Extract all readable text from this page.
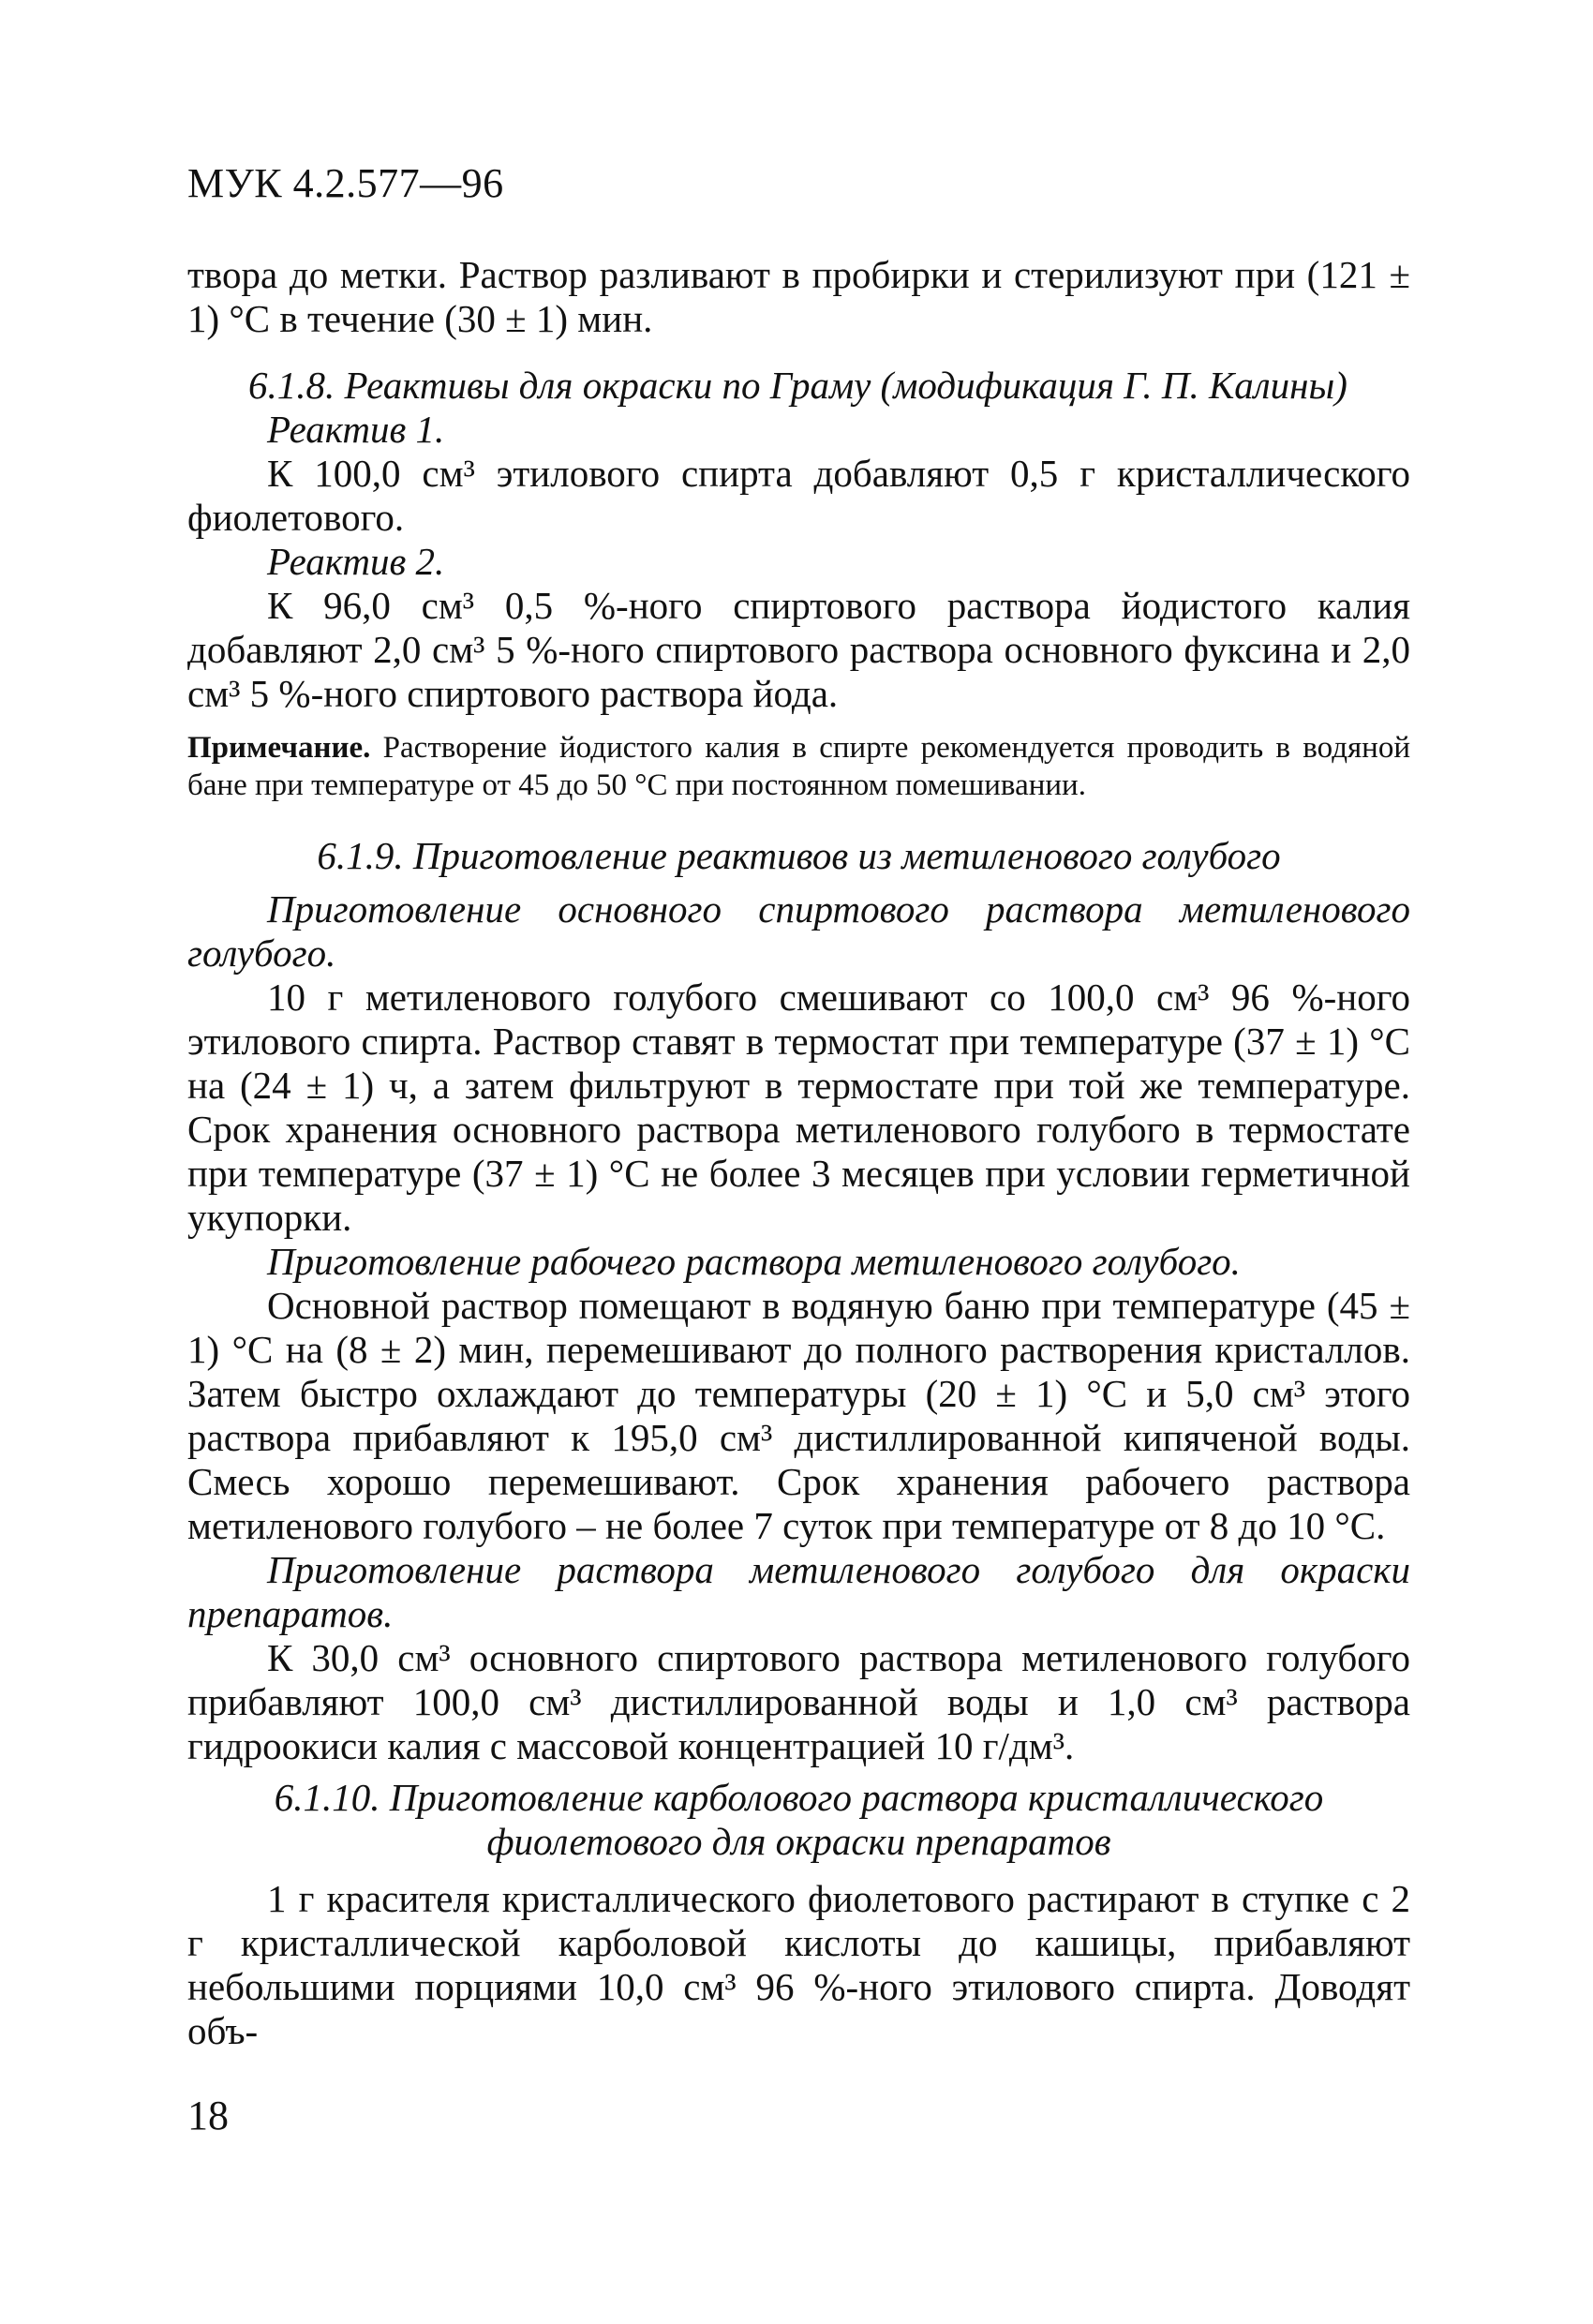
МУК 4.2.577—96

твора до метки. Раствор разливают в пробирки и стерилизуют при (121 ± 1) °С в течение (30 ± 1) мин.

6.1.8. Реактивы для окраски по Граму (модификация Г. П. Калины)

Реактив 1.

К 100,0 см³ этилового спирта добавляют 0,5 г кристаллического фиолетового.

Реактив 2.

К 96,0 см³ 0,5 %-ного спиртового раствора йодистого калия добавляют 2,0 см³ 5 %-ного спиртового раствора основного фуксина и 2,0 см³ 5 %-ного спиртового раствора йода.

Примечание. Растворение йодистого калия в спирте рекомендуется проводить в водяной бане при температуре от 45 до 50 °С при постоянном помешивании.

6.1.9. Приготовление реактивов из метиленового голубого

Приготовление основного спиртового раствора метиленового голубого.

10 г метиленового голубого смешивают со 100,0 см³ 96 %-ного этилового спирта. Раствор ставят в термостат при температуре (37 ± 1) °С на (24 ± 1) ч, а затем фильтруют в термостате при той же температуре. Срок хранения основного раствора метиленового голубого в термостате при температуре (37 ± 1) °С не более 3 месяцев при условии герметичной укупорки.

Приготовление рабочего раствора метиленового голубого.

Основной раствор помещают в водяную баню при температуре (45 ± 1) °С на (8 ± 2) мин, перемешивают до полного растворения кристаллов. Затем быстро охлаждают до температуры (20 ± 1) °С и 5,0 см³ этого раствора прибавляют к 195,0 см³ дистиллированной кипяченой воды. Смесь хорошо перемешивают. Срок хранения рабочего раствора метиленового голубого – не более 7 суток при температуре от 8 до 10 °С.

Приготовление раствора метиленового голубого для окраски препаратов.

К 30,0 см³ основного спиртового раствора метиленового голубого прибавляют 100,0 см³ дистиллированной воды и 1,0 см³ раствора гидроокиси калия с массовой концентрацией 10 г/дм³.

6.1.10. Приготовление карболового раствора кристаллического

фиолетового для окраски препаратов

1 г красителя кристаллического фиолетового растирают в ступке с 2 г кристаллической карболовой кислоты до кашицы, прибавляют небольшими порциями 10,0 см³ 96 %-ного этилового спирта. Доводят объ-

18
